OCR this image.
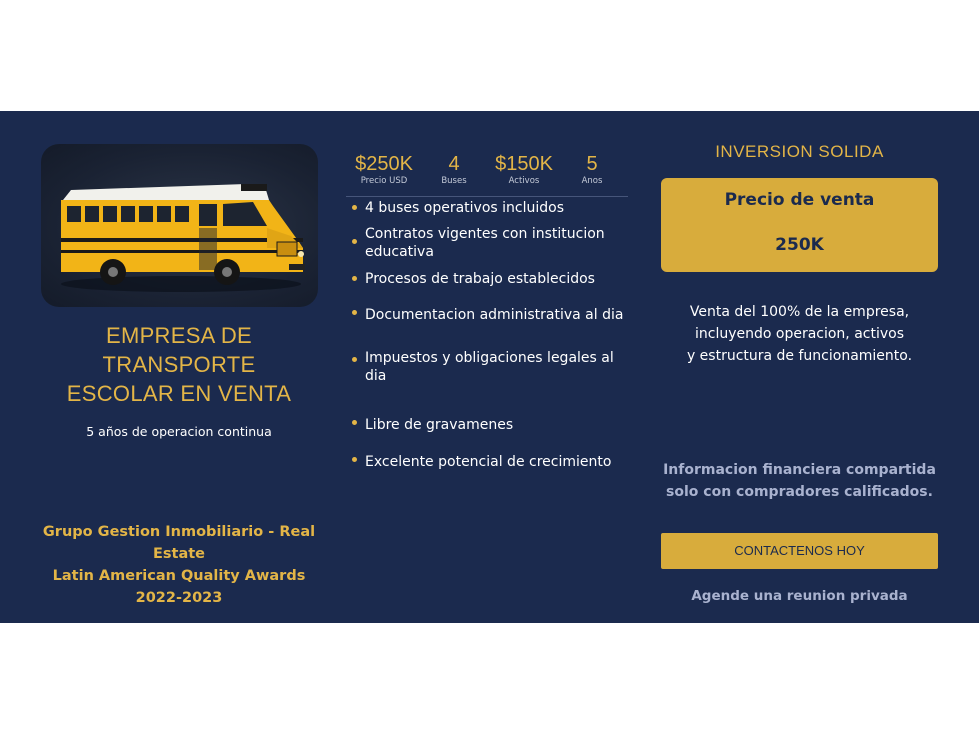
EMPRESA DE
TRANSPORTE
ESCOLAR EN VENTA
5 años de operacion continua
Grupo Gestion Inmobiliario - Real
Estate
Latin American Quality Awards
2022-2023
$250K
Precio USD
4
Buses
$150K
Activos
5
Anos
4 buses operativos incluidos
Contratos vigentes con institucion educativa
Procesos de trabajo establecidos
Documentacion administrativa al dia
Impuestos y obligaciones legales al dia
Libre de gravamenes
Excelente potencial de crecimiento
INVERSION SOLIDA
Precio de venta
250K
Venta del 100% de la empresa,
incluyendo operacion, activos
y estructura de funcionamiento.
Informacion financiera compartida
solo con compradores calificados.
CONTACTENOS HOY
Agende una reunion privada
